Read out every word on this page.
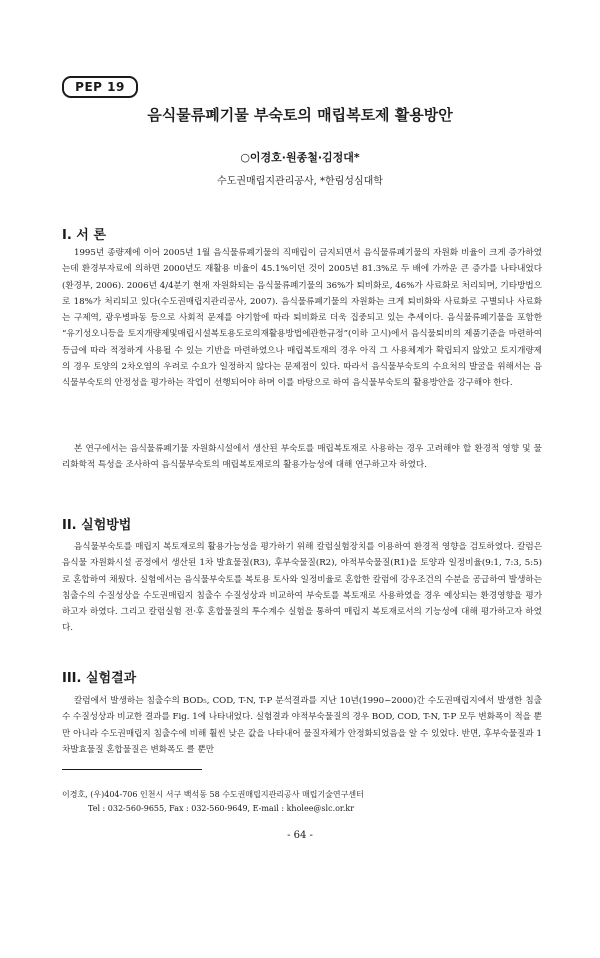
PEP 19
음식물류폐기물 부숙토의 매립복토제 활용방안
○이경호·원종철·김정대*
수도권매립지관리공사, *한림성심대학
I. 서 론

1995년 종량제에 이어 2005년 1월 음식물류폐기물의 직매립이 금지되면서 음식물류폐기물의 자원화 비율이 크게 증가하였는데 환경부자료에 의하면 2000년도 재활용 비율이 45.1%이던 것이 2005년 81.3%로 두 배에 가까운 큰 증가를 나타내었다(환경부, 2006). 2006년 4/4분기 현재 자원화되는 음식물류폐기물의 36%가 퇴비화로, 46%가 사료화로 처리되며, 기타방법으로 18%가 처리되고 있다(수도권매립지관리공사, 2007). 음식물류폐기물의 자원화는 크게 퇴비화와 사료화로 구별되나 사료화는 구제역, 광우병파동 등으로 사회적 문제를 야기함에 따라 퇴비화로 더욱 집중되고 있는 추세이다. 음식물류폐기물을 포함한 “유기성오니등을 토지개량제및매립시설복토용도로의재활용방법에관한규정”(이하 고시)에서 음식물퇴비의 제품기준을 마련하여 등급에 따라 적정하게 사용될 수 있는 기반을 마련하였으나 매립복토재의 경우 아직 그 사용체계가 확립되지 않았고 토지개량제의 경우 토양의 2차오염의 우려로 수요가 일정하지 않다는 문제점이 있다. 따라서 음식물부숙토의 수요처의 발굴을 위해서는 음식물부숙토의 안정성을 평가하는 작업이 선행되어야 하며 이를 바탕으로 하여 음식물부숙토의 활용방안을 강구해야 한다.

본 연구에서는 음식물류폐기물 자원화시설에서 생산된 부숙토를 매립복토재로 사용하는 경우 고려해야 할 환경적 영향 및 물리화학적 특성을 조사하여 음식물부숙토의 매립복토재로의 활용가능성에 대해 연구하고자 하였다.

II. 실험방법

음식물부숙토를 매립지 복토재로의 활용가능성을 평가하기 위해 칼럼실험장치를 이용하여 환경적 영향을 검토하였다. 칼럼은 음식물 자원화시설 공정에서 생산된 1차 발효물질(R3), 후부숙물질(R2), 야적부숙물질(R1)을 토양과 일정비율(9:1, 7:3, 5:5)로 혼합하여 채웠다. 실험에서는 음식물부숙토를 복토용 토사와 일정비율로 혼합한 칼럼에 강우조건의 수분을 공급하여 발생하는 침출수의 수질성상을 수도권매립지 침출수 수질성상과 비교하여 부숙토를 복토재로 사용하였을 경우 예상되는 환경영향을 평가하고자 하였다. 그리고 칼럼실험 전·후 혼합물질의 투수계수 실험을 통하여 매립지 복토재로서의 기능성에 대해 평가하고자 하였다.

III. 실험결과

칼럼에서 발생하는 침출수의 BOD₅, COD, T-N, T-P 분석결과를 지난 10년(1990~2000)간 수도권매립지에서 발생한 침출수 수질성상과 비교한 결과를 Fig. 1에 나타내었다. 실험결과 야적부숙물질의 경우 BOD, COD, T-N, T-P 모두 변화폭이 적을 뿐만 아니라 수도권매립지 침출수에 비해 훨씬 낮은 값을 나타내어 물질자체가 안정화되었음을 알 수 있었다. 반면, 후부숙물질과 1차발효물질 혼합물질은 변화폭도 클 뿐만

이경호, (우)404-706 인천시 서구 백석동 58 수도권매립지관리공사 매립기술연구센터
Tel : 032-560-9655, Fax : 032-560-9649, E-mail : kholee@slc.or.kr
- 64 -
